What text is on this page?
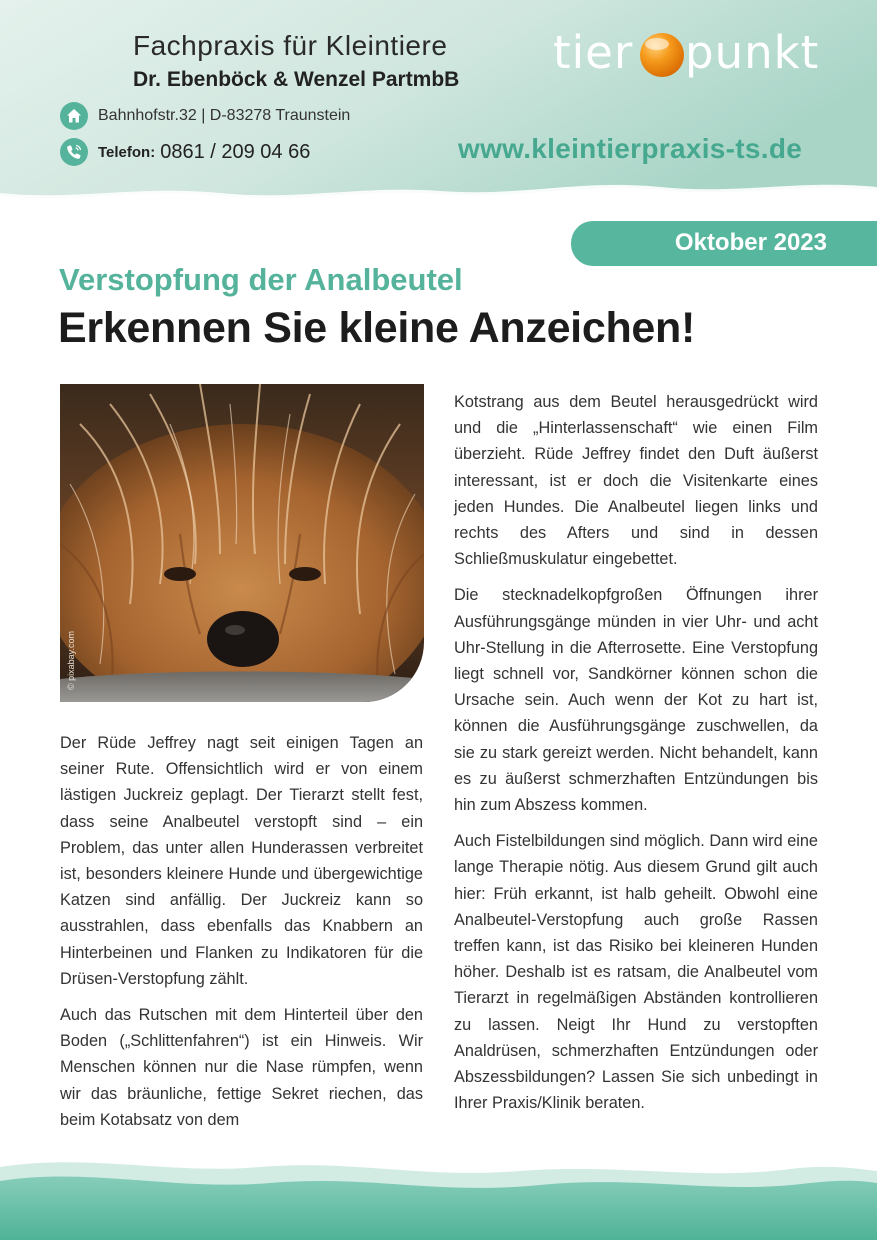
Fachpraxis für Kleintiere
Dr. Ebenböck & Wenzel PartmbB
tier punkt
Bahnhofstr.32 | D-83278 Traunstein
Telefon: 0861 / 209 04 66	www.kleintierpraxis-ts.de
Oktober 2023
Verstopfung der Analbeutel
Erkennen Sie kleine Anzeichen!
© pixabay.com

Der Rüde Jeffrey nagt seit einigen Tagen an seiner Rute. Offensichtlich wird er von einem lästigen Juckreiz geplagt. Der Tierarzt stellt fest, dass seine Analbeutel verstopft sind – ein Problem, das unter allen Hunderassen verbreitet ist, besonders kleinere Hunde und übergewichtige Katzen sind anfällig. Der Juckreiz kann so ausstrahlen, dass ebenfalls das Knabbern an Hinterbeinen und Flanken zu Indikatoren für die Drüsen-Verstopfung zählt.

Auch das Rutschen mit dem Hinterteil über den Boden („Schlittenfahren“) ist ein Hinweis. Wir Menschen können nur die Nase rümpfen, wenn wir das bräunliche, fettige Sekret riechen, das beim Kotabsatz von dem

Kotstrang aus dem Beutel herausgedrückt wird und die „Hinterlassenschaft“ wie einen Film überzieht. Rüde Jeffrey findet den Duft äußerst interessant, ist er doch die Visitenkarte eines jeden Hundes. Die Analbeutel liegen links und rechts des Afters und sind in dessen Schließmuskulatur eingebettet.

Die stecknadelkopfgroßen Öffnungen ihrer Ausführungsgänge münden in vier Uhr- und acht Uhr-Stellung in die Afterrosette. Eine Verstopfung liegt schnell vor, Sandkörner können schon die Ursache sein. Auch wenn der Kot zu hart ist, können die Ausführungsgänge zuschwellen, da sie zu stark gereizt werden. Nicht behandelt, kann es zu äußerst schmerzhaften Entzündungen bis hin zum Abszess kommen.

Auch Fistelbildungen sind möglich. Dann wird eine lange Therapie nötig. Aus diesem Grund gilt auch hier: Früh erkannt, ist halb geheilt. Obwohl eine Analbeutel-Verstopfung auch große Rassen treffen kann, ist das Risiko bei kleineren Hunden höher. Deshalb ist es ratsam, die Analbeutel vom Tierarzt in regelmäßigen Abständen kontrollieren zu lassen. Neigt Ihr Hund zu verstopften Analdrüsen, schmerzhaften Entzündungen oder Abszessbildungen? Lassen Sie sich unbedingt in Ihrer Praxis/Klinik beraten.
